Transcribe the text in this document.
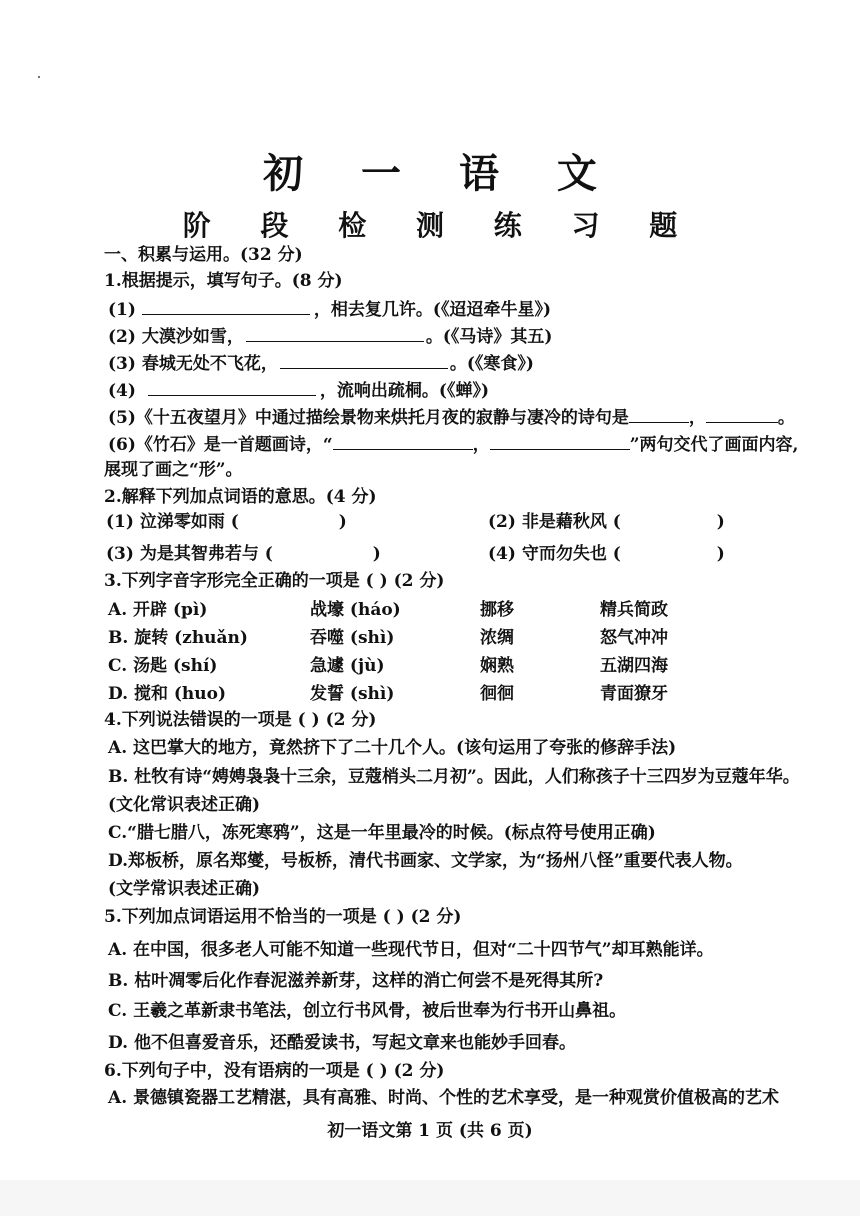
初 一 语 文
阶 段 检 测 练 习 题
一、积累与运用。(32 分)
1.根据提示，填写句子。(8 分)
(1)	，相去复几许。(《迢迢牵牛星》)
(2) 大漠沙如雪，	。(《马诗》其五)
(3) 春城无处不飞花，	。(《寒食》)
(4)	，流响出疏桐。(《蝉》)
(5)《十五夜望月》中通过描绘景物来烘托月夜的寂静与凄冷的诗句是	，	。
(6)《竹石》是一首题画诗，“	，	”两句交代了画面内容,
展现了画之“形”。
2.解释下列加点词语的意思。(4 分)
(1) 泣涕零如雨 (	)	(2) 非是藉秋风 (	)
(3) 为是其智弗若与 (	)	(4) 守而勿失也 (	)
3.下列字音字形完全正确的一项是 ( ) (2 分)
A. 开辟 (pì)	战壕 (háo)	挪移	精兵简政
B. 旋转 (zhuǎn)	吞噬 (shì)	浓绸	怒气冲冲
C. 汤匙 (shí)	急遽 (jù)	娴熟	五湖四海
D. 搅和 (huo)	发誓 (shì)	徊徊	青面獠牙
4.下列说法错误的一项是 ( ) (2 分)
A. 这巴掌大的地方，竟然挤下了二十几个人。(该句运用了夸张的修辞手法)
B. 杜牧有诗“娉娉袅袅十三余，豆蔻梢头二月初”。因此，人们称孩子十三四岁为豆蔻年华。
(文化常识表述正确)
C.“腊七腊八，冻死寒鸦”，这是一年里最冷的时候。(标点符号使用正确)
D.郑板桥，原名郑燮，号板桥，清代书画家、文学家，为“扬州八怪”重要代表人物。
(文学常识表述正确)
5.下列加点词语运用不恰当的一项是 ( ) (2 分)
A. 在中国，很多老人可能不知道一些现代节日，但对“二十四节气”却耳熟能详。
B. 枯叶凋零后化作春泥滋养新芽，这样的消亡何尝不是死得其所?
C. 王羲之革新隶书笔法，创立行书风骨，被后世奉为行书开山鼻祖。
D. 他不但喜爱音乐，还酷爱读书，写起文章来也能妙手回春。
6.下列句子中，没有语病的一项是 ( ) (2 分)
A. 景德镇瓷器工艺精湛，具有高雅、时尚、个性的艺术享受，是一种观赏价值极高的艺术
初一语文第 1 页 (共 6 页)
